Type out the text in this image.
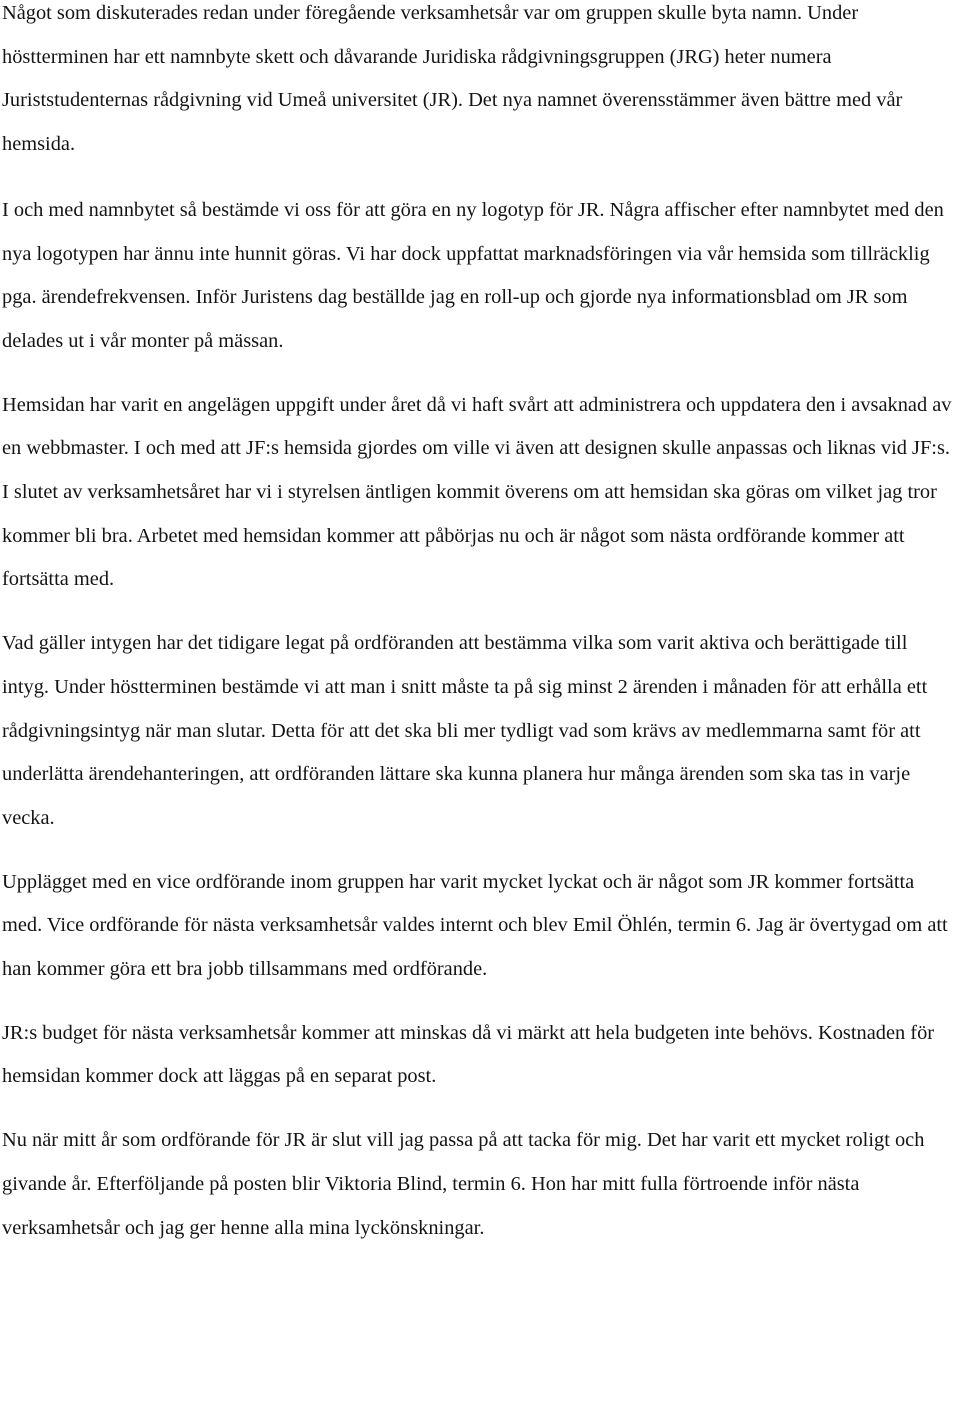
Något som diskuterades redan under föregående verksamhetsår var om gruppen skulle byta namn. Under höstterminen har ett namnbyte skett och dåvarande Juridiska rådgivningsgruppen (JRG) heter numera Juriststudenternas rådgivning vid Umeå universitet (JR). Det nya namnet överensstämmer även bättre med vår hemsida.

I och med namnbytet så bestämde vi oss för att göra en ny logotyp för JR. Några affischer efter namnbytet med den nya logotypen har ännu inte hunnit göras. Vi har dock uppfattat marknadsföringen via vår hemsida som tillräcklig pga. ärendefrekvensen. Inför Juristens dag beställde jag en roll-up och gjorde nya informationsblad om JR som delades ut i vår monter på mässan.

Hemsidan har varit en angelägen uppgift under året då vi haft svårt att administrera och uppdatera den i avsaknad av en webbmaster. I och med att JF:s hemsida gjordes om ville vi även att designen skulle anpassas och liknas vid JF:s. I slutet av verksamhetsåret har vi i styrelsen äntligen kommit överens om att hemsidan ska göras om vilket jag tror kommer bli bra. Arbetet med hemsidan kommer att påbörjas nu och är något som nästa ordförande kommer att fortsätta med.

Vad gäller intygen har det tidigare legat på ordföranden att bestämma vilka som varit aktiva och berättigade till intyg. Under höstterminen bestämde vi att man i snitt måste ta på sig minst 2 ärenden i månaden för att erhålla ett rådgivningsintyg när man slutar. Detta för att det ska bli mer tydligt vad som krävs av medlemmarna samt för att underlätta ärendehanteringen, att ordföranden lättare ska kunna planera hur många ärenden som ska tas in varje vecka.

Upplägget med en vice ordförande inom gruppen har varit mycket lyckat och är något som JR kommer fortsätta med. Vice ordförande för nästa verksamhetsår valdes internt och blev Emil Öhlén, termin 6. Jag är övertygad om att han kommer göra ett bra jobb tillsammans med ordförande.

JR:s budget för nästa verksamhetsår kommer att minskas då vi märkt att hela budgeten inte behövs. Kostnaden för hemsidan kommer dock att läggas på en separat post.

Nu när mitt år som ordförande för JR är slut vill jag passa på att tacka för mig. Det har varit ett mycket roligt och givande år. Efterföljande på posten blir Viktoria Blind, termin 6. Hon har mitt fulla förtroende inför nästa verksamhetsår och jag ger henne alla mina lyckönskningar.
